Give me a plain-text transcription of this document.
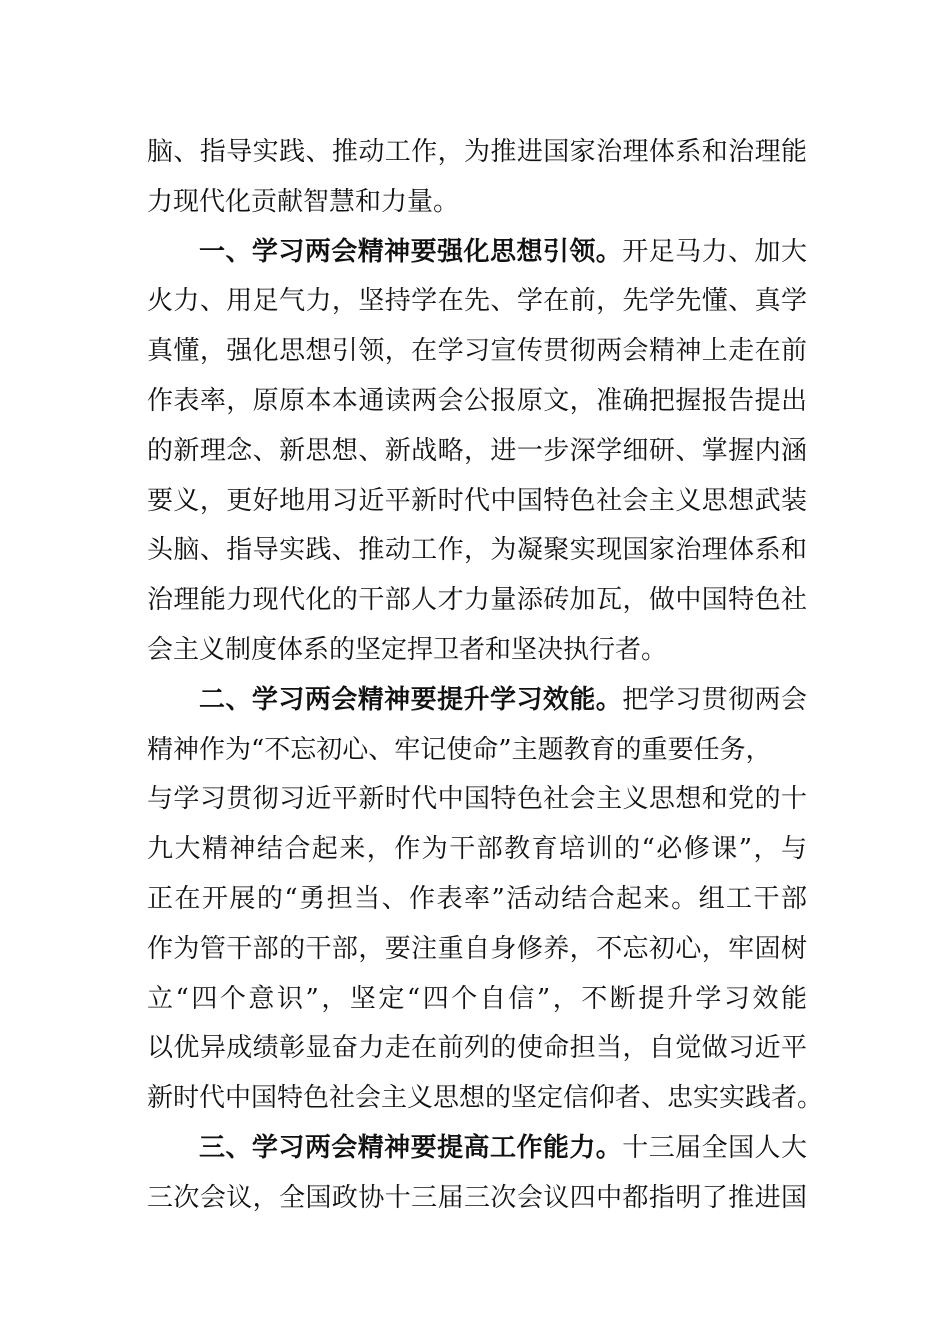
脑、指导实践、推动工作，为推进国家治理体系和治理能
力现代化贡献智慧和力量。
一、学习两会精神要强化思想引领。开足马力、加大
火力、用足气力，坚持学在先、学在前，先学先懂、真学
真懂，强化思想引领，在学习宣传贯彻两会精神上走在前
作表率，原原本本通读两会公报原文，准确把握报告提出
的新理念、新思想、新战略，进一步深学细研、掌握内涵
要义，更好地用习近平新时代中国特色社会主义思想武装
头脑、指导实践、推动工作，为凝聚实现国家治理体系和
治理能力现代化的干部人才力量添砖加瓦，做中国特色社
会主义制度体系的坚定捍卫者和坚决执行者。
二、学习两会精神要提升学习效能。把学习贯彻两会
精神作为“不忘初心、牢记使命”主题教育的重要任务，
与学习贯彻习近平新时代中国特色社会主义思想和党的十
九大精神结合起来，作为干部教育培训的“必修课”，与
正在开展的“勇担当、作表率”活动结合起来。组工干部
作为管干部的干部，要注重自身修养，不忘初心，牢固树
立“四个意识”，坚定“四个自信”，不断提升学习效能
以优异成绩彰显奋力走在前列的使命担当，自觉做习近平
新时代中国特色社会主义思想的坚定信仰者、忠实实践者。
三、学习两会精神要提高工作能力。十三届全国人大
三次会议，全国政协十三届三次会议四中都指明了推进国
